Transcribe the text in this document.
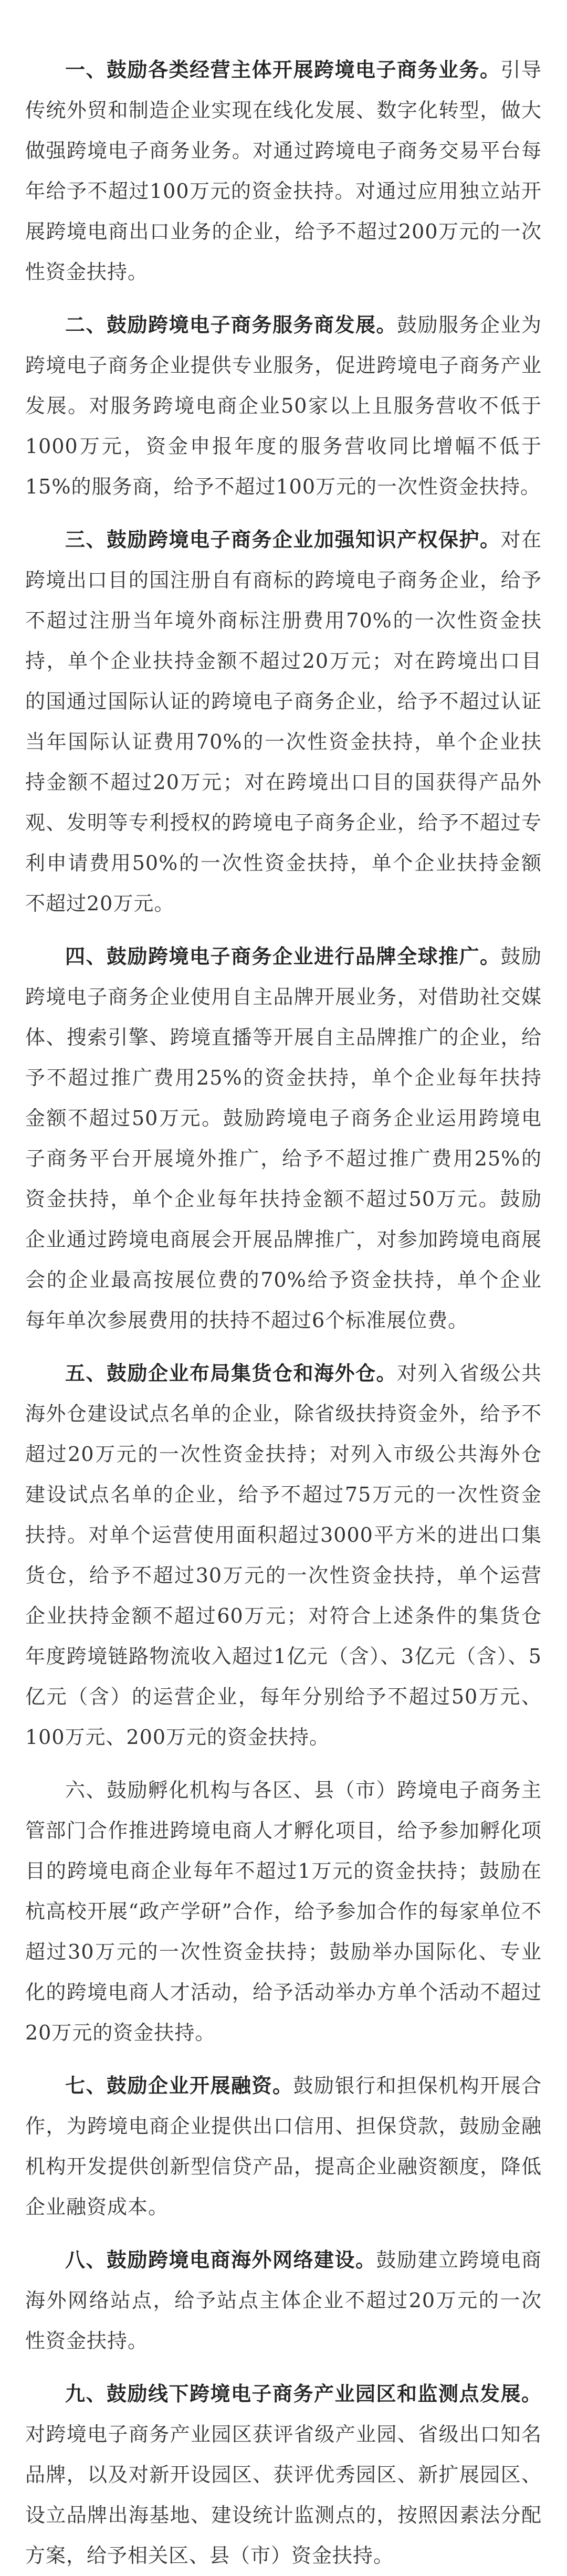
一、鼓励各类经营主体开展跨境电子商务业务。引导传统外贸和制造企业实现在线化发展、数字化转型，做大做强跨境电子商务业务。对通过跨境电子商务交易平台每年给予不超过100万元的资金扶持。对通过应用独立站开展跨境电商出口业务的企业，给予不超过200万元的一次性资金扶持。

二、鼓励跨境电子商务服务商发展。鼓励服务企业为跨境电子商务企业提供专业服务，促进跨境电子商务产业发展。对服务跨境电商企业50家以上且服务营收不低于1000万元，资金申报年度的服务营收同比增幅不低于15%的服务商，给予不超过100万元的一次性资金扶持。

三、鼓励跨境电子商务企业加强知识产权保护。对在跨境出口目的国注册自有商标的跨境电子商务企业，给予不超过注册当年境外商标注册费用70%的一次性资金扶持，单个企业扶持金额不超过20万元；对在跨境出口目的国通过国际认证的跨境电子商务企业，给予不超过认证当年国际认证费用70%的一次性资金扶持，单个企业扶持金额不超过20万元；对在跨境出口目的国获得产品外观、发明等专利授权的跨境电子商务企业，给予不超过专利申请费用50%的一次性资金扶持，单个企业扶持金额不超过20万元。

四、鼓励跨境电子商务企业进行品牌全球推广。鼓励跨境电子商务企业使用自主品牌开展业务，对借助社交媒体、搜索引擎、跨境直播等开展自主品牌推广的企业，给予不超过推广费用25%的资金扶持，单个企业每年扶持金额不超过50万元。鼓励跨境电子商务企业运用跨境电子商务平台开展境外推广，给予不超过推广费用25%的资金扶持，单个企业每年扶持金额不超过50万元。鼓励企业通过跨境电商展会开展品牌推广，对参加跨境电商展会的企业最高按展位费的70%给予资金扶持，单个企业每年单次参展费用的扶持不超过6个标准展位费。

五、鼓励企业布局集货仓和海外仓。对列入省级公共海外仓建设试点名单的企业，除省级扶持资金外，给予不超过20万元的一次性资金扶持；对列入市级公共海外仓建设试点名单的企业，给予不超过75万元的一次性资金扶持。对单个运营使用面积超过3000平方米的进出口集货仓，给予不超过30万元的一次性资金扶持，单个运营企业扶持金额不超过60万元；对符合上述条件的集货仓年度跨境链路物流收入超过1亿元（含）、3亿元（含）、5亿元（含）的运营企业，每年分别给予不超过50万元、100万元、200万元的资金扶持。

六、鼓励孵化机构与各区、县（市）跨境电子商务主管部门合作推进跨境电商人才孵化项目，给予参加孵化项目的跨境电商企业每年不超过1万元的资金扶持；鼓励在杭高校开展“政产学研”合作，给予参加合作的每家单位不超过30万元的一次性资金扶持；鼓励举办国际化、专业化的跨境电商人才活动，给予活动举办方单个活动不超过20万元的资金扶持。

七、鼓励企业开展融资。鼓励银行和担保机构开展合作，为跨境电商企业提供出口信用、担保贷款，鼓励金融机构开发提供创新型信贷产品，提高企业融资额度，降低企业融资成本。

八、鼓励跨境电商海外网络建设。鼓励建立跨境电商海外网络站点，给予站点主体企业不超过20万元的一次性资金扶持。

九、鼓励线下跨境电子商务产业园区和监测点发展。对跨境电子商务产业园区获评省级产业园、省级出口知名品牌，以及对新开设园区、获评优秀园区、新扩展园区、设立品牌出海基地、建设统计监测点的，按照因素法分配方案，给予相关区、县（市）资金扶持。
